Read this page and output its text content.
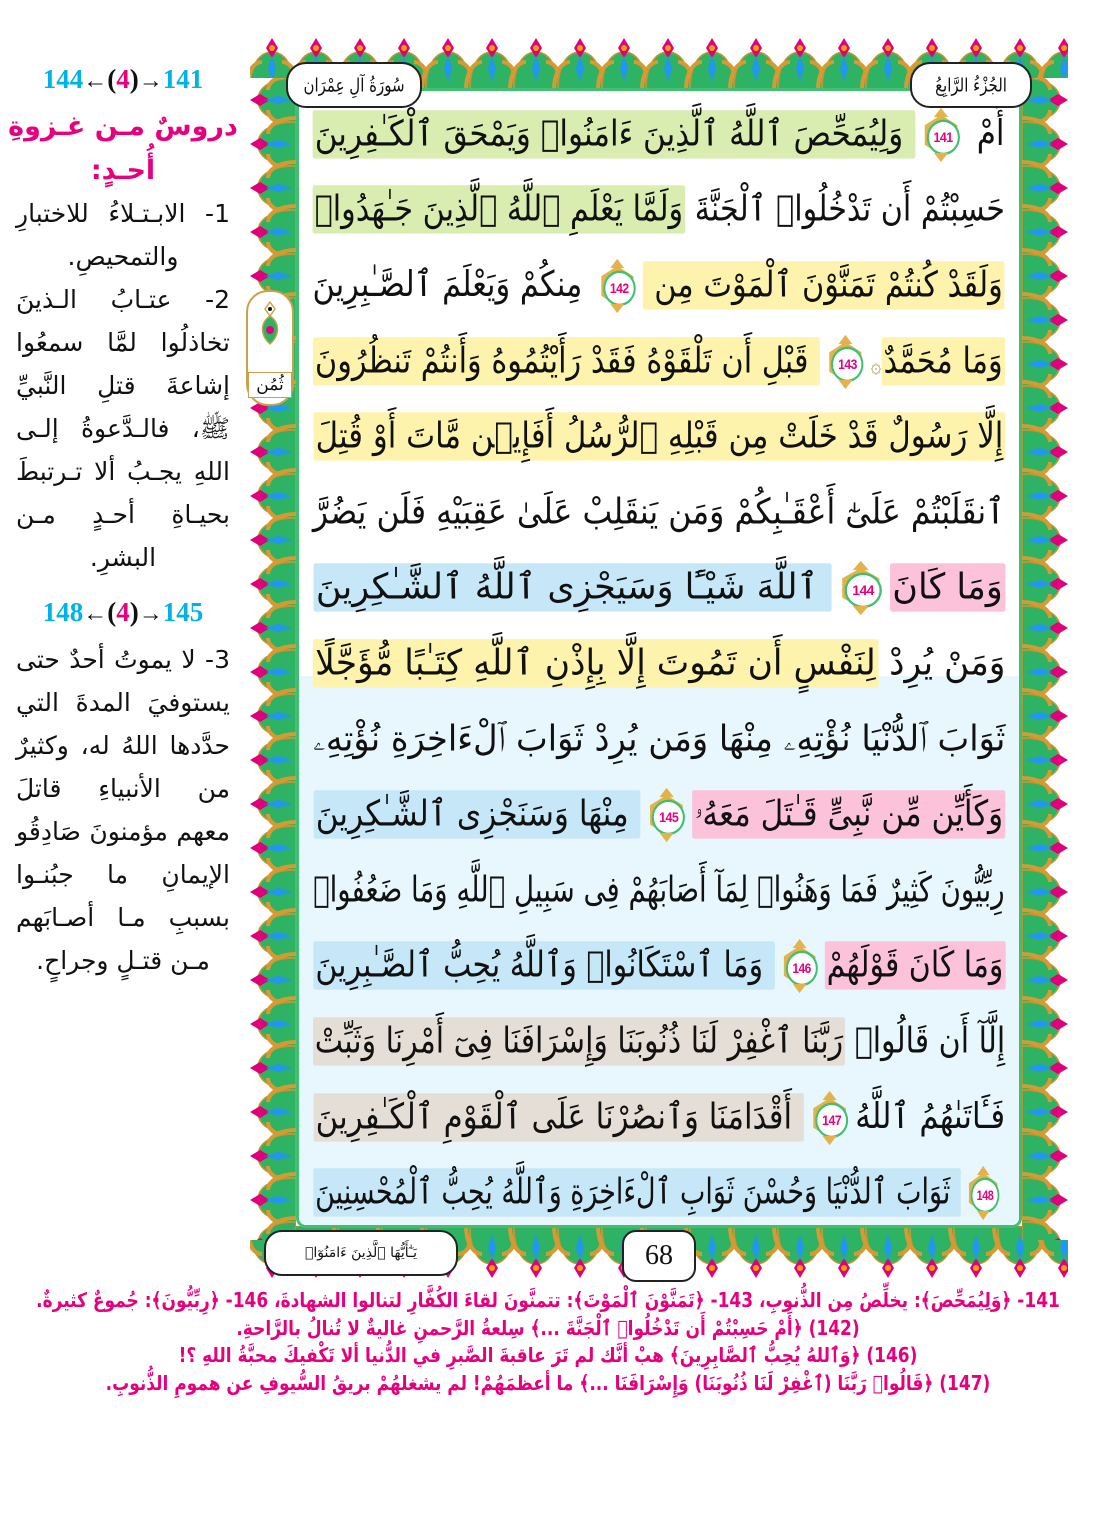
144←(4)→141
دروسٌ مـن غـزوةِ أُحـدٍ:
1- الابـتـلاءُ للاختبارِ والتمحيصِ.
2- عتـابُ الـذينَ تخاذلُوا لمَّا سمعُوا إشاعةَ قتلِ النَّبيِّ ﷺ، فالـدَّعوةُ إلـى اللهِ يجـبُ ألا تـرتبطَ بحيـاةِ أحـدٍ مـن البشرِ.
148←(4)→145
3- لا يموتُ أحدٌ حتى يستوفيَ المدةَ التي حدَّدها اللهُ له، وكثيرٌ من الأنبياءِ قاتلَ معهم مؤمنونَ صَادِقُو الإيمانِ ما جبُنـوا بسببِ مـا أصـابَهم مـن قتـلٍ وجراحٍ.
سُورَةُ آلِ عِمْرَان	الجُزْءُ الرَّابِعُ
ثُمُن
أَمْ
141
وَلِيُمَحِّصَ ٱللَّهُ ٱلَّذِينَ ءَامَنُوا۟ وَيَمْحَقَ ٱلْكَـٰفِرِينَ
حَسِبْتُمْ أَن تَدْخُلُوا۟ ٱلْجَنَّةَ وَلَمَّا يَعْلَمِ ٱللَّهُ ٱلَّذِينَ جَـٰهَدُوا۟
وَلَقَدْ كُنتُمْ تَمَنَّوْنَ ٱلْمَوْتَ مِن
142
مِنكُمْ وَيَعْلَمَ ٱلصَّـٰبِرِينَ
وَمَا مُحَمَّدٌ۞
143
قَبْلِ أَن تَلْقَوْهُ فَقَدْ رَأَيْتُمُوهُ وَأَنتُمْ تَنظُرُونَ
إِلَّا رَسُولٌ قَدْ خَلَتْ مِن قَبْلِهِ ٱلرُّسُلُ أَفَإِي۟ن مَّاتَ أَوْ قُتِلَ
ٱنقَلَبْتُمْ عَلَىٰٓ أَعْقَـٰبِكُمْ وَمَن يَنقَلِبْ عَلَىٰ عَقِبَيْهِ فَلَن يَضُرَّ
وَمَا كَانَ
144
ٱللَّهَ شَيْـًٔا وَسَيَجْزِى ٱللَّهُ ٱلشَّـٰكِرِينَ
وَمَنْ يُرِدْ لِنَفْسٍ أَن تَمُوتَ إِلَّا بِإِذْنِ ٱللَّهِ كِتَـٰبًا مُّؤَجَّلًا
ثَوَابَ ٱلدُّنْيَا نُؤْتِهِۦ مِنْهَا وَمَن يُرِدْ ثَوَابَ ٱلْءَاخِرَةِ نُؤْتِهِۦ
وَكَأَيِّن مِّن نَّبِىٍّ قَـٰتَلَ مَعَهُۥ
145
مِنْهَا وَسَنَجْزِى ٱلشَّـٰكِرِينَ
رِبِّيُّونَ كَثِيرٌ فَمَا وَهَنُوا۟ لِمَآ أَصَابَهُمْ فِى سَبِيلِ ٱللَّهِ وَمَا ضَعُفُوا۟
وَمَا كَانَ قَوْلَهُمْ
146
وَمَا ٱسْتَكَانُوا۟ وَٱللَّهُ يُحِبُّ ٱلصَّـٰبِرِينَ
إِلَّآ أَن قَالُوا۟ رَبَّنَا ٱغْفِرْ لَنَا ذُنُوبَنَا وَإِسْرَافَنَا فِىٓ أَمْرِنَا وَثَبِّتْ
فَـَٔاتَىٰهُمُ ٱللَّهُ
147
أَقْدَامَنَا وَٱنصُرْنَا عَلَى ٱلْقَوْمِ ٱلْكَـٰفِرِينَ
148
ثَوَابَ ٱلدُّنْيَا وَحُسْنَ ثَوَابِ ٱلْءَاخِرَةِ وَٱللَّهُ يُحِبُّ ٱلْمُحْسِنِينَ
يَـٰٓأَيُّهَا ٱلَّذِينَ ءَامَنُوٓا۟	68
141- ﴿وَلِيُمَحِّصَ﴾: يخلِّصُ مِن الذُّنوبِ، 143- ﴿تَمَنَّوْنَ ٱلْمَوْتَ﴾: تتمنَّونَ لقاءَ الكُفَّارِ لتنالوا الشهادةَ، 146- ﴿رِبِّيُّونَ﴾: جُموعٌ كثيرةٌ.
(142) ﴿أَمْ حَسِبْتُمْ أَن تَدْخُلُوا۟ ٱلْجَنَّةَ ...﴾ سِلعةُ الرَّحمنِ غاليةٌ لا تُنالُ بالرَّاحةِ.
(146) ﴿وَٱللهُ يُحِبُّ ٱلصَّابِرِينَ﴾ هبْ أنَّك لم تَرَ عاقبةَ الصَّبرِ في الدُّنيا ألا تَكْفيكَ محبَّةُ اللهِ ؟!
(147) ﴿قَالُوا۟ رَبَّنَا (ٱغْفِرْ لَنَا ذُنُوبَنَا) وَإِسْرَافَنَا ...﴾ ما أعظمَهُمْ! لم يشغلهُمْ بريقُ السُّيوفِ عن همومِ الذُّنوبِ.
